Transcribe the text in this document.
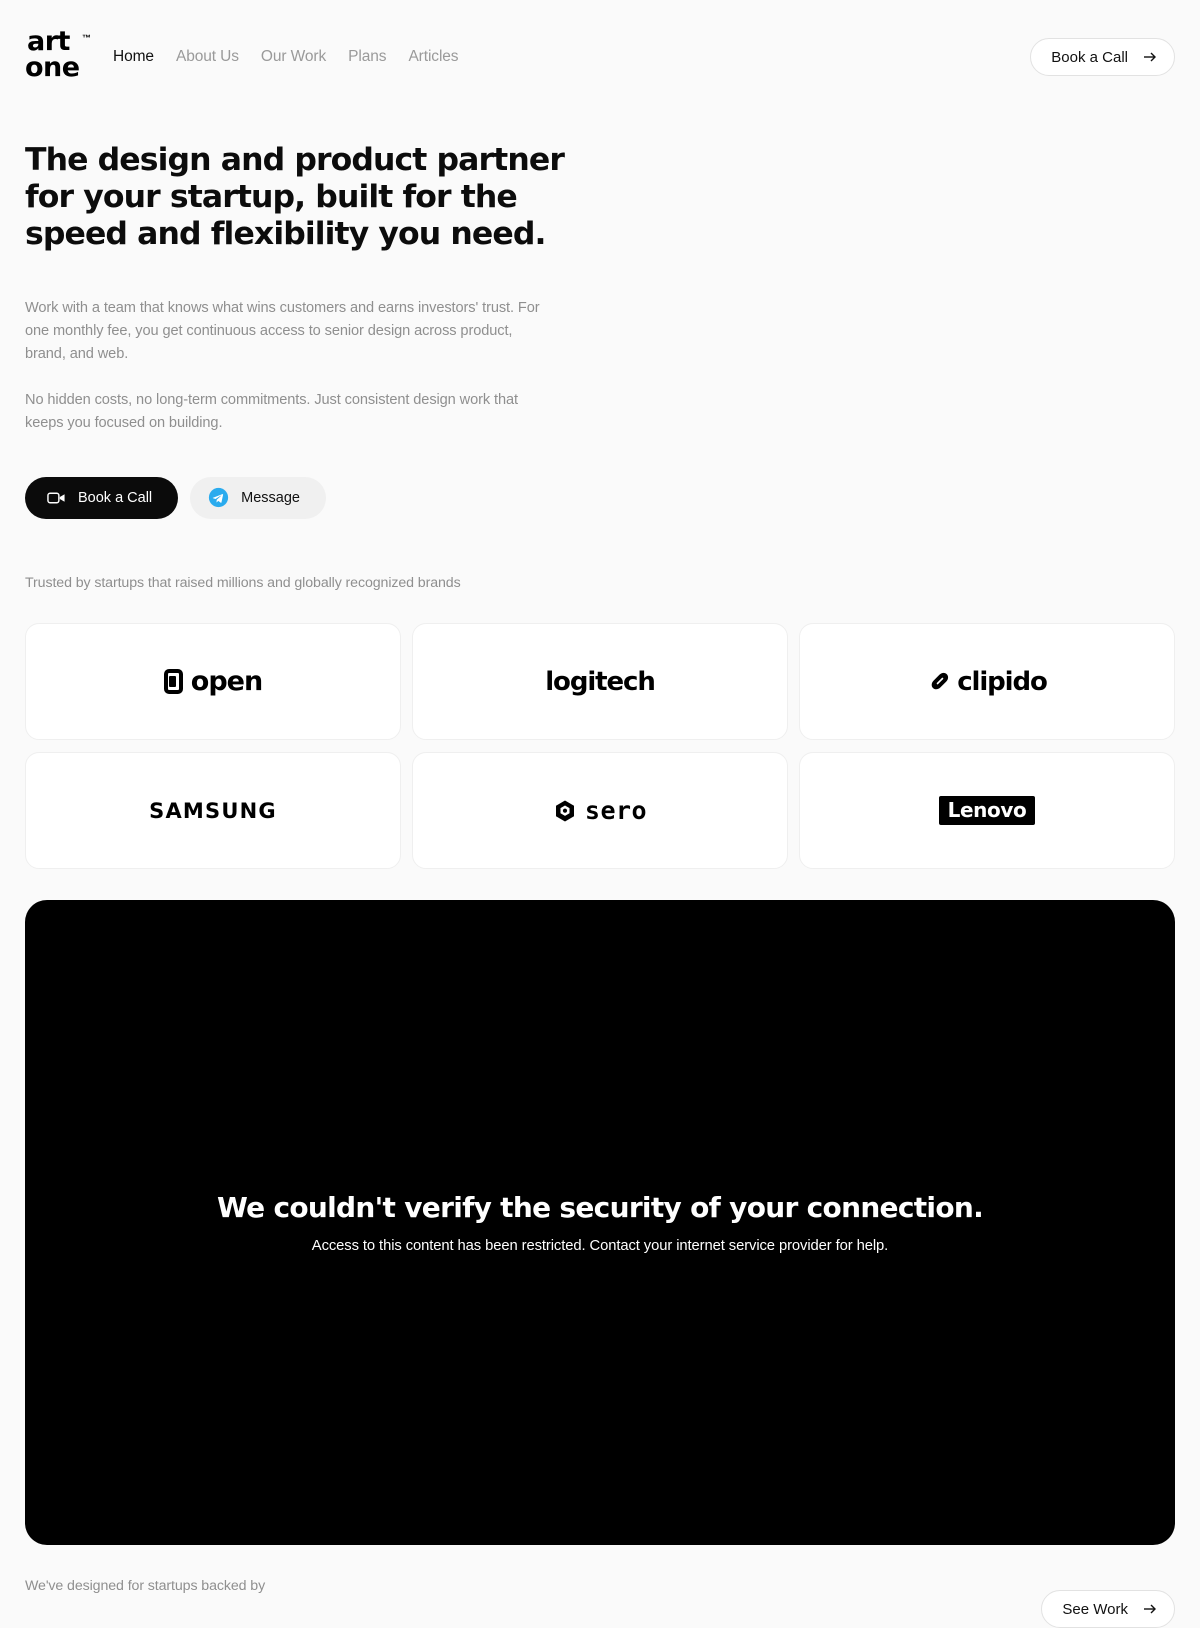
art
one
™
Home About Us Our Work Plans Articles	Book a Call
The design and product partner for your startup, built for the speed and flexibility you need.

Work with a team that knows what wins customers and earns investors' trust. For one monthly fee, you get continuous access to senior design across product, brand, and web.

No hidden costs, no long-term commitments. Just consistent design work that keeps you focused on building.

Book a Call	Message
Trusted by startups that raised millions and globally recognized brands
open	logitech	clipido
SAMSUNG	sero	Lenovo
We couldn't verify the security of your connection.

Access to this content has been restricted. Contact your internet service provider for help.

We've designed for startups backed by
See Work
